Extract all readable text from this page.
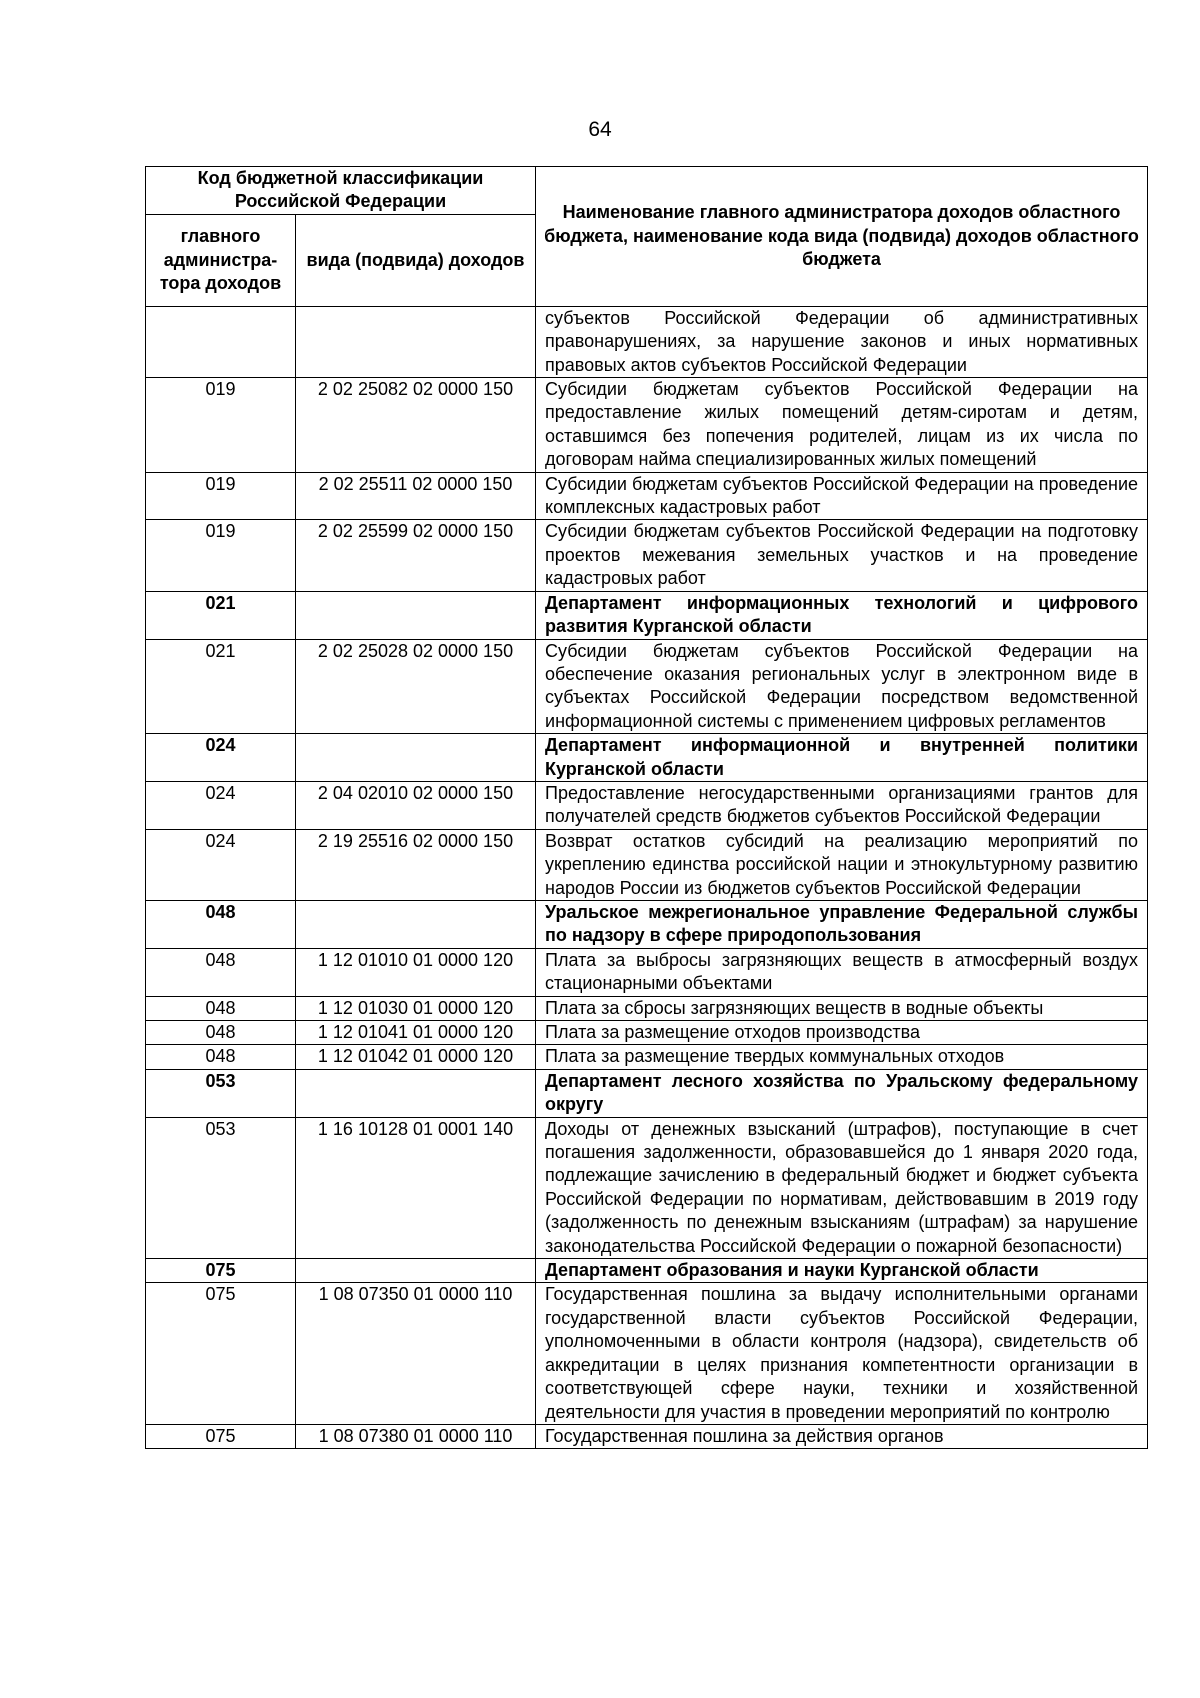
64
Код бюджетной классификации Российской Федерации		Наименование главного администратора доходов областного бюджета, наименование кода вида (подвида) доходов областного бюджета
главного администра-тора доходов	вида (подвида) доходов	
		субъектов Российской Федерации об административных правонарушениях, за нарушение законов и иных нормативных правовых актов субъектов Российской Федерации
019	2 02 25082 02 0000 150	Субсидии бюджетам субъектов Российской Федерации на предоставление жилых помещений детям-сиротам и детям, оставшимся без попечения родителей, лицам из их числа по договорам найма специализированных жилых помещений
019	2 02 25511 02 0000 150	Субсидии бюджетам субъектов Российской Федерации на проведение комплексных кадастровых работ
019	2 02 25599 02 0000 150	Субсидии бюджетам субъектов Российской Федерации на подготовку проектов межевания земельных участков и на проведение кадастровых работ
021		Департамент информационных технологий и цифрового развития Курганской области
021	2 02 25028 02 0000 150	Субсидии бюджетам субъектов Российской Федерации на обеспечение оказания региональных услуг в электронном виде в субъектах Российской Федерации посредством ведомственной информационной системы с применением цифровых регламентов
024		Департамент информационной и внутренней политики Курганской области
024	2 04 02010 02 0000 150	Предоставление негосударственными организациями грантов для получателей средств бюджетов субъектов Российской Федерации
024	2 19 25516 02 0000 150	Возврат остатков субсидий на реализацию мероприятий по укреплению единства российской нации и этнокультурному развитию народов России из бюджетов субъектов Российской Федерации
048		Уральское межрегиональное управление Федеральной службы по надзору в сфере природопользования
048	1 12 01010 01 0000 120	Плата за выбросы загрязняющих веществ в атмосферный воздух стационарными объектами
048	1 12 01030 01 0000 120	Плата за сбросы загрязняющих веществ в водные объекты
048	1 12 01041 01 0000 120	Плата за размещение отходов производства
048	1 12 01042 01 0000 120	Плата за размещение твердых коммунальных отходов
053		Департамент лесного хозяйства по Уральскому федеральному округу
053	1 16 10128 01 0001 140	Доходы от денежных взысканий (штрафов), поступающие в счет погашения задолженности, образовавшейся до 1 января 2020 года, подлежащие зачислению в федеральный бюджет и бюджет субъекта Российской Федерации по нормативам, действовавшим в 2019 году (задолженность по денежным взысканиям (штрафам) за нарушение законодательства Российской Федерации о пожарной безопасности)
075		Департамент образования и науки Курганской области
075	1 08 07350 01 0000 110	Государственная пошлина за выдачу исполнительными органами государственной власти субъектов Российской Федерации, уполномоченными в области контроля (надзора), свидетельств об аккредитации в целях признания компетентности организации в соответствующей сфере науки, техники и хозяйственной деятельности для участия в проведении мероприятий по контролю
075	1 08 07380 01 0000 110	Государственная пошлина за действия органов
